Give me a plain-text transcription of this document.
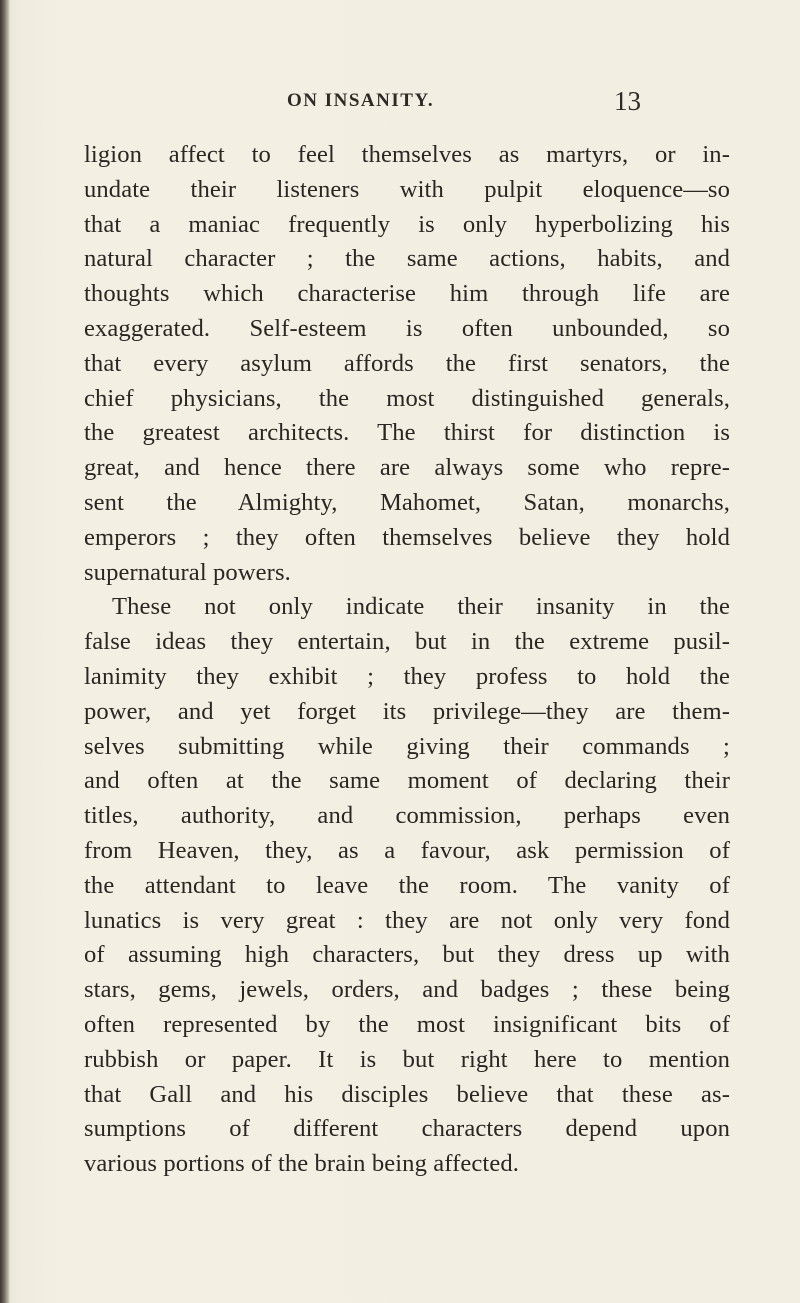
ON INSANITY.	13
ligion affect to feel themselves as martyrs, or in-
undate their listeners with pulpit eloquence—so
that a maniac frequently is only hyperbolizing his
natural character ; the same actions, habits, and
thoughts which characterise him through life are
exaggerated. Self-esteem is often unbounded, so
that every asylum affords the first senators, the
chief physicians, the most distinguished generals,
the greatest architects. The thirst for distinction is
great, and hence there are always some who repre-
sent the Almighty, Mahomet, Satan, monarchs,
emperors ; they often themselves believe they hold
supernatural powers.
These not only indicate their insanity in the
false ideas they entertain, but in the extreme pusil-
lanimity they exhibit ; they profess to hold the
power, and yet forget its privilege—they are them-
selves submitting while giving their commands ;
and often at the same moment of declaring their
titles, authority, and commission, perhaps even
from Heaven, they, as a favour, ask permission of
the attendant to leave the room. The vanity of
lunatics is very great : they are not only very fond
of assuming high characters, but they dress up with
stars, gems, jewels, orders, and badges ; these being
often represented by the most insignificant bits of
rubbish or paper. It is but right here to mention
that Gall and his disciples believe that these as-
sumptions of different characters depend upon
various portions of the brain being affected.
